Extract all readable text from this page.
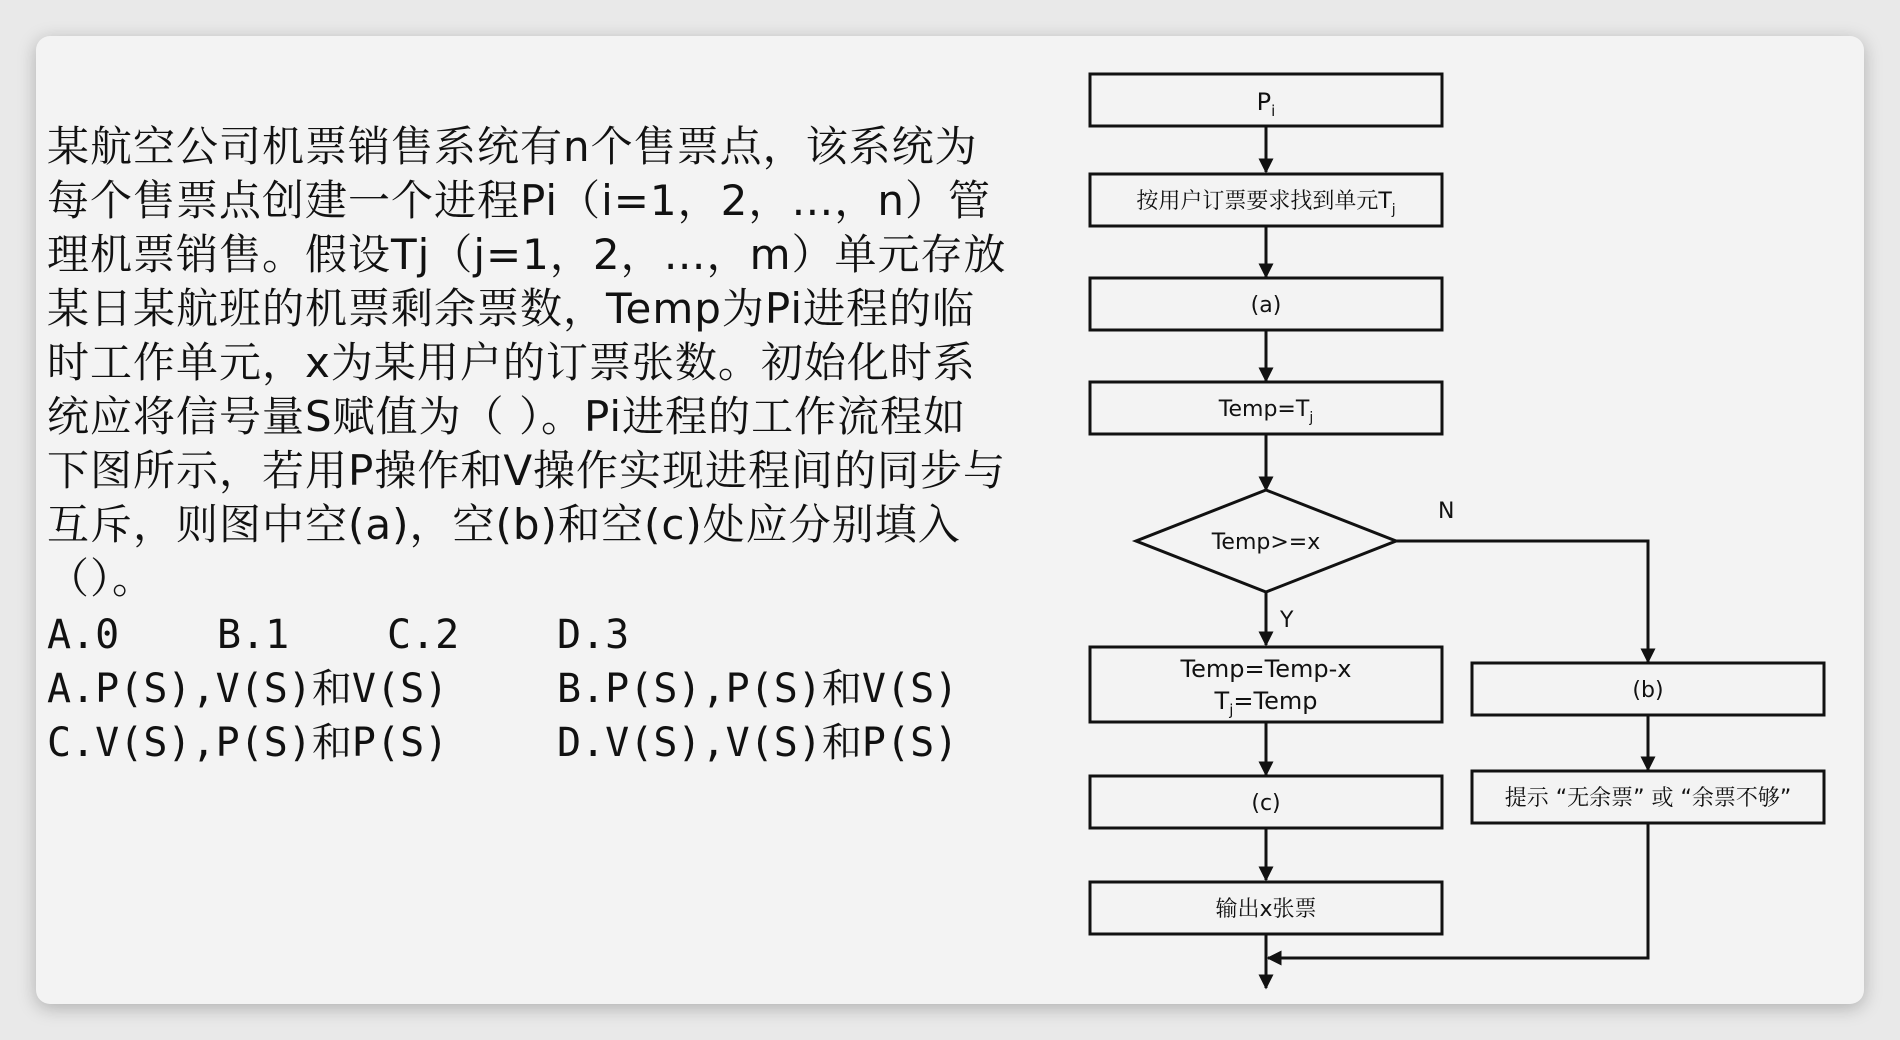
某航空公司机票销售系统有n个售票点，该系统为
每个售票点创建一个进程Pi（i=1，2，…，n）管
理机票销售。假设Tj（j=1，2，…，m）单元存放
某日某航班的机票剩余票数，Temp为Pi进程的临
时工作单元，x为某用户的订票张数。初始化时系
统应将信号量S赋值为（ ）。Pi进程的工作流程如
下图所示，若用P操作和V操作实现进程间的同步与
互斥，则图中空(a)，空(b)和空(c)处应分别填入
（）。
A.0 B.1 C.2 D.3
A.P(S),V(S)和V(S)	B.P(S),P(S)和V(S)
C.V(S),P(S)和P(S)	D.V(S),V(S)和P(S)
$P_i$
按用户订票要求找到单元$T_j$
(a)
$Temp=T_j$
Temp>=x
Y
N
Temp=Temp-x
$T_j=Temp$
(c)
输出x张票
(b)
提示 “无余票” 或 “余票不够”
